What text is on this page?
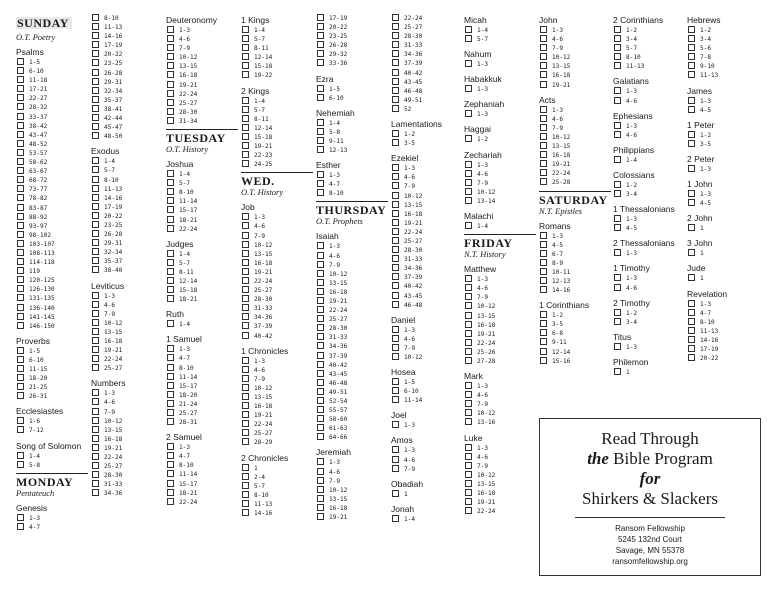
SUNDAY

O.T. Poetry
Psalms
1-5
6-10
11-18
17-21
22-27
28-32
33-37
38-42
43-47
48-52
53-57
58-62
63-67
68-72
73-77
78-82
83-87
88-92
93-97
98-102
103-107
108-113
114-118
119
120-125
126-130
131-135
136-140
141-145
146-150
Proverbs
1-5
6-10
11-15
18-20
21-25
26-31
Ecclesiastes
1-6
7-12
Song of Solomon
1-4
5-8
MONDAY
Pentateuch
Genesis
1-3
4-7
8-10
11-13
14-16
17-19
20-22
23-25
26-28
29-31
32-34
35-37
38-41
42-44
45-47
48-50
Exodus
1-4
5-7
8-10
11-13
14-16
17-19
20-22
23-25
26-28
29-31
32-34
35-37
38-40
Leviticus
1-3
4-6
7-9
10-12
13-15
16-18
19-21
22-24
25-27
Numbers
1-3
4-6
7-9
10-12
13-15
16-18
19-21
22-24
25-27
28-30
31-33
34-36
Deuteronomy
1-3
4-6
7-9
10-12
13-15
16-18
19-21
22-24
25-27
28-30
31-34
TUESDAY
O.T. History
Joshua
1-4
5-7
8-10
11-14
15-17
18-21
22-24
Judges
1-4
5-7
8-11
12-14
15-18
18-21
Ruth
1-4
1 Samuel
1-3
4-7
8-10
11-14
15-17
18-20
21-24
25-27
28-31
2 Samuel
1-3
4-7
8-10
11-14
15-17
18-21
22-24
1 Kings
1-4
5-7
8-11
12-14
15-18
19-22
2 Kings
1-4
5-7
8-11
12-14
15-18
19-21
22-23
24-25
WED.
O.T. History
Job
1-3
4-6
7-9
10-12
13-15
16-18
19-21
22-24
25-27
28-30
31-33
34-36
37-39
40-42
1 Chronicles
1-3
4-6
7-9
10-12
13-15
16-18
19-21
22-24
25-27
28-29
2 Chronicles
1
2-4
5-7
8-10
11-13
14-16
17-19
20-22
23-25
26-28
29-32
33-36
Ezra
1-5
6-10
Nehemiah
1-4
5-8
9-11
12-13
Esther
1-3
4-7
8-10
THURSDAY
O.T. Prophets
Isaiah
1-3
4-6
7-9
10-12
13-15
16-18
19-21
22-24
25-27
28-30
31-33
34-36
37-39
40-42
43-45
46-48
49-51
52-54
55-57
58-60
61-63
64-66
Jeremiah
1-3
4-6
7-9
10-12
13-15
16-18
19-21
22-24
25-27
28-30
31-33
34-36
37-39
40-42
43-45
46-48
49-51
52
Lamentations
1-2
3-5
Ezekiel
1-3
4-6
7-9
10-12
13-15
16-18
19-21
22-24
25-27
28-30
31-33
34-36
37-39
40-42
43-45
46-48
Daniel
1-3
4-6
7-9
10-12
Hosea
1-5
6-10
11-14
Joel
1-3
Amos
1-3
4-6
7-9
Obadiah
1
Jonah
1-4
Micah
1-4
5-7
Nahum
1-3
Habakkuk
1-3
Zephaniah
1-3
Haggai
1-2
Zechariah
1-3
4-6
7-9
10-12
13-14
Malachi
1-4
FRIDAY
N.T. History
Matthew
1-3
4-6
7-9
10-12
13-15
16-18
19-21
22-24
25-26
27-28
Mark
1-3
4-6
7-9
10-12
13-16
Luke
1-3
4-6
7-9
10-12
13-15
16-18
19-21
22-24
John
1-3
4-6
7-9
10-12
13-15
16-18
19-21
Acts
1-3
4-6
7-9
10-12
13-15
16-18
19-21
22-24
25-28
SATURDAY
N.T. Epistles
Romans
1-3
4-5
6-7
8-9
10-11
12-13
14-16
1 Corinthians
1-2
3-5
6-8
9-11
12-14
15-16
2 Corinthians
1-2
3-4
5-7
8-10
11-13
Galatians
1-3
4-6
Ephesians
1-3
4-6
Philippians
1-4
Colossians
1-2
3-4
1 Thessalonians
1-3
4-5
2 Thessalonians
1-3
1 Timothy
1-3
4-6
2 Timothy
1-2
3-4
Titus
1-3
Philemon
1
Hebrews
1-2
3-4
5-6
7-8
9-10
11-13
James
1-3
4-5
1 Peter
1-2
3-5
2 Peter
1-3
1 John
1-3
4-5
2 John
1
3 John
1
Jude
1
Revelation
1-3
4-7
8-10
11-13
14-16
17-19
20-22
Read Through
the Bible Program
for
Shirkers & Slackers
Ransom Fellowship
5245 132nd Court
Savage, MN 55378
ransomfellowship.org
